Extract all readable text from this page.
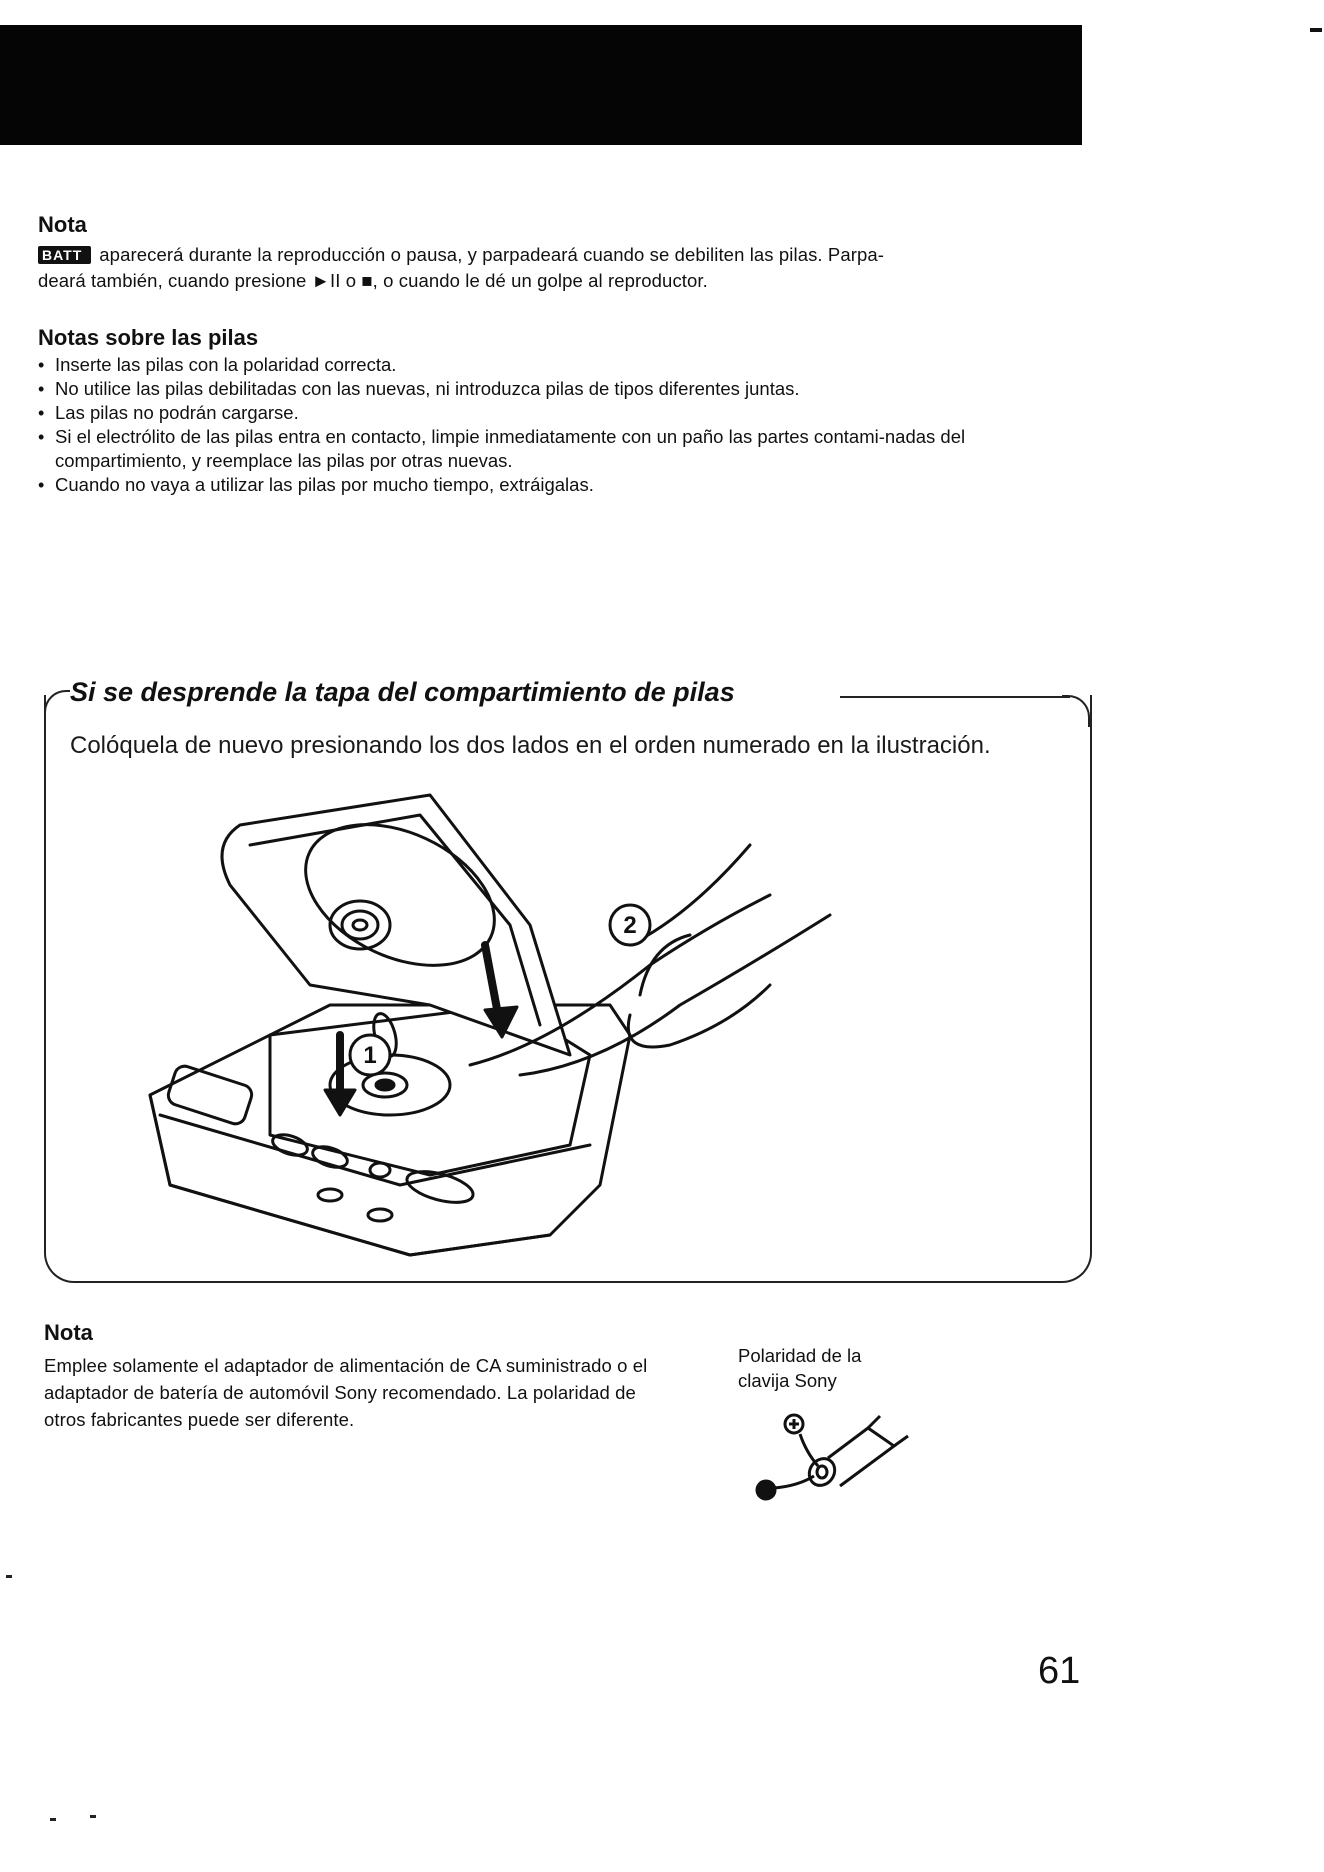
Nota

BATT aparecerá durante la reproducción o pausa, y parpadeará cuando se debiliten las pilas. Parpa-
deará también, cuando presione ►II o ■, o cuando le dé un golpe al reproductor.

Notas sobre las pilas
• Inserte las pilas con la polaridad correcta.
• No utilice las pilas debilitadas con las nuevas, ni introduzca pilas de tipos diferentes juntas.
• Las pilas no podrán cargarse.
• Si el electrólito de las pilas entra en contacto, limpie inmediatamente con un paño las partes contami-nadas del compartimiento, y reemplace las pilas por otras nuevas.
• Cuando no vaya a utilizar las pilas por mucho tiempo, extráigalas.
Si se desprende la tapa del compartimiento de pilas

Colóquela de nuevo presionando los dos lados en el orden numerado en la ilustración.

1
2
Nota

Emplee solamente el adaptador de alimentación de CA suministrado o el adaptador de batería de automóvil Sony recomendado. La polaridad de otros fabricantes puede ser diferente.

Polaridad de la
clavija Sony

61
